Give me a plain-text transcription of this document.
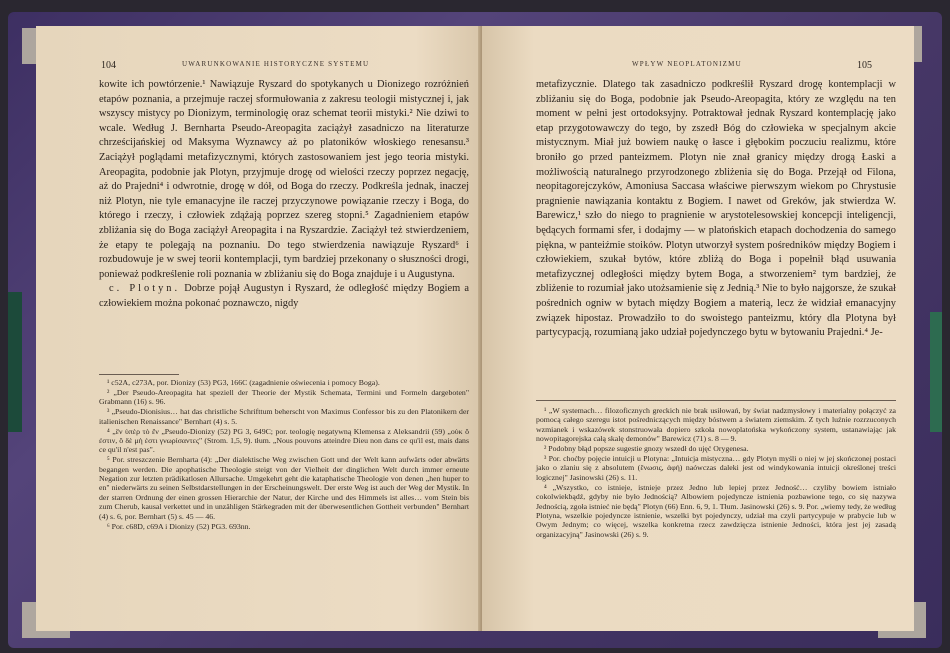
104	UWARUNKOWANIE HISTORYCZNE SYSTEMU

kowite ich powtórzenie.¹ Nawiązuje Ryszard do spotykanych u Dionizego rozróżnień etapów poznania, a przejmuje raczej sformułowania z zakresu teologii mistycznej i, jak wszyscy mistycy po Dionizym, terminologię oraz schemat teorii mistyki.² Nie dziwi to wcale. Według J. Bernharta Pseudo-Areopagita zaciążył zasadniczo na literaturze chrześcijańskiej od Maksyma Wyznawcy aż po platoników włoskiego renesansu.³ Zaciążył poglądami metafizycznymi, których zastosowaniem jest jego teoria mistyki. Areopagita, podobnie jak Plotyn, przyjmuje drogę od wielości rzeczy poprzez negację, aż do Prajedni⁴ i odwrotnie, drogę w dół, od Boga do rzeczy. Podkreśla jednak, inaczej niż Plotyn, nie tyle emanacyjne ile raczej przyczynowe powiązanie rzeczy i Boga, do którego i rzeczy, i człowiek zdążają poprzez szereg stopni.⁵ Zagadnieniem etapów zbliżania się do Boga zaciążył Areopagita i na Ryszardzie. Zaciążył też stwierdzeniem, że etapy te polegają na poznaniu. Do tego stwierdzenia nawiązuje Ryszard⁶ i rozbudowuje je w swej teorii kontemplacji, tym bardziej przekonany o słuszności drogi, ponieważ podkreślenie roli poznania w zbliżaniu się do Boga znajduje i u Augustyna.

c. Plotyn. Dobrze pojął Augustyn i Ryszard, że odległość między Bogiem a człowiekiem można pokonać poznawczo, nigdy

¹ c52A, c273A, por. Dionizy (53) PG3, 166C (zagadnienie oświecenia i pomocy Boga).

² „Der Pseudo-Areopagita hat speziell der Theorie der Mystik Schemata, Termini und Formeln dargeboten" Grabmann (16) s. 96.

³ „Pseudo-Dionisius… hat das christliche Schrifttum beherscht von Maximus Confessor bis zu den Platonikern der italienischen Renaissance" Bernhart (4) s. 5.

⁴ „ἓν ὑπὲρ τὸ ἕν „Pseudo-Dionizy (52) PG 3, 649C; por. teologię negatywną Klemensa z Aleksandrii (59) „οὐκ ὅ ἐστιν, ὃ δὲ μὴ ἐστι γνωρίσαντες" (Strom. 1,5, 9). tłum. „Nous pouvons atteindre Dieu non dans ce qu'il est, mais dans ce qu'il n'est pas".

⁵ Por. streszczenie Bernharta (4): „Der dialektische Weg zwischen Gott und der Welt kann aufwärts oder abwärts begangen werden. Die apophatische Theologie steigt von der Vielheit der dinglichen Welt durch immer erneute Negation zur letzten prädikatlosen Allursache. Umgekehrt geht die kataphatische Theologie von denen „hen huper to en" niederwärts zu seinen Selbstdarstellungen in der Erscheinungswelt. Der erste Weg ist auch der Weg der Mystik. In der starren Ordnung der einen grossen Hierarchie der Natur, der Kirche und des Himmels ist alles… vom Stein bis zum Cherub, kausal verkettet und in unzähligen Stärkegraden mit der überwesentlichen Gottheit verbunden" Bernhart (4) s. 6, por. Bernhart (5) s. 45 — 46.

⁶ Por. c68D, c69A i Dionizy (52) PG3. 693nn.

WPŁYW NEOPLATONIZMU	105

metafizycznie. Dlatego tak zasadniczo podkreślił Ryszard drogę kontemplacji w zbliżaniu się do Boga, podobnie jak Pseudo-Areopagita, który ze względu na ten moment w pełni jest ortodoksyjny. Potraktował jednak Ryszard kontemplację jako etap przygotowawczy do tego, by zszedł Bóg do człowieka w specjalnym akcie mistycznym. Miał już bowiem naukę o łasce i głębokim poczuciu realizmu, które broniło go przed panteizmem. Plotyn nie znał granicy między drogą Łaski a możliwością naturalnego przyrodzonego zbliżenia się do Boga. Przejął od Filona, neopitagorejczyków, Amoniusa Saccasa właściwe pierwszym wiekom po Chrystusie pragnienie nawiązania kontaktu z Bogiem. I nawet od Greków, jak stwierdza W. Barewicz,¹ szło do niego to pragnienie w arystotelesowskiej koncepcji inteligencji, będących formami sfer, i dodajmy — w platońskich etapach dochodzenia do samego piękna, w panteiźmie stoików. Plotyn utworzył system pośredników między Bogiem i człowiekiem, szukał bytów, które zbliżą do Boga i popełnił błąd usuwania metafizycznej odległości między bytem Boga, a stworzeniem² tym bardziej, że zbliżenie to rozumiał jako utożsamienie się z Jednią.³ Nie to było najgorsze, że szukał pośrednich ogniw w bytach między Bogiem a materią, lecz że widział emanacyjny związek hipostaz. Prowadziło to do swoistego panteizmu, który dla Plotyna był partycypacją, rozumianą jako udział pojedynczego bytu w bytowaniu Prajedni.⁴ Je-

¹ „W systemach… filozoficznych greckich nie brak usiłowań, by świat nadzmysłowy i materialny połączyć za pomocą całego szeregu istot pośredniczących między bóstwem a światem ziemskim. Z tych luźnie rozrzuconych wzmianek i wskazówek stonstruowała dopiero szkoła nowoplatońska wykończony system, ustanawiając jak nowopitagorejska całą skalę demonów" Barewicz (71) s. 8 — 9.

² Podobny błąd popsze sugestie gnozy wszedł do ujęć Orygenesa.

³ Por. choćby pojęcie intuicji u Plotyna: „Intuicja mistyczna… gdy Plotyn myśli o niej w jej skończonej postaci jako o zlaniu się z absolutem (ἕνωσις, ἁφή) naówczas daleki jest od windykowania intuicji określonej treści logicznej" Jasinowski (26) s. 11.

⁴ „Wszystko, co istnieje, istnieje przez Jedno lub lepiej przez Jedność… czyliby bowiem istniało cokolwiekbądź, gdyby nie było Jednością? Albowiem pojedyncze istnienia pozbawione tego, co się nazywa Jednością, zgoła istnieć nie będą" Plotyn (66) Enn. 6, 9, 1. Tłum. Jasinowski (26) s. 9. Por. „wiemy tedy, że według Plotyna, wszelkie pojedyncze istnienie, wszelki byt pojedynczy, udział ma czyli partycypuje w prabycie lub w Owym Jednym; co więcej, wszelka konkretna rzecz zawdzięcza istnienie Jedności, która jest jej zasadą organizacyjną" Jasinowski (26) s. 9.
